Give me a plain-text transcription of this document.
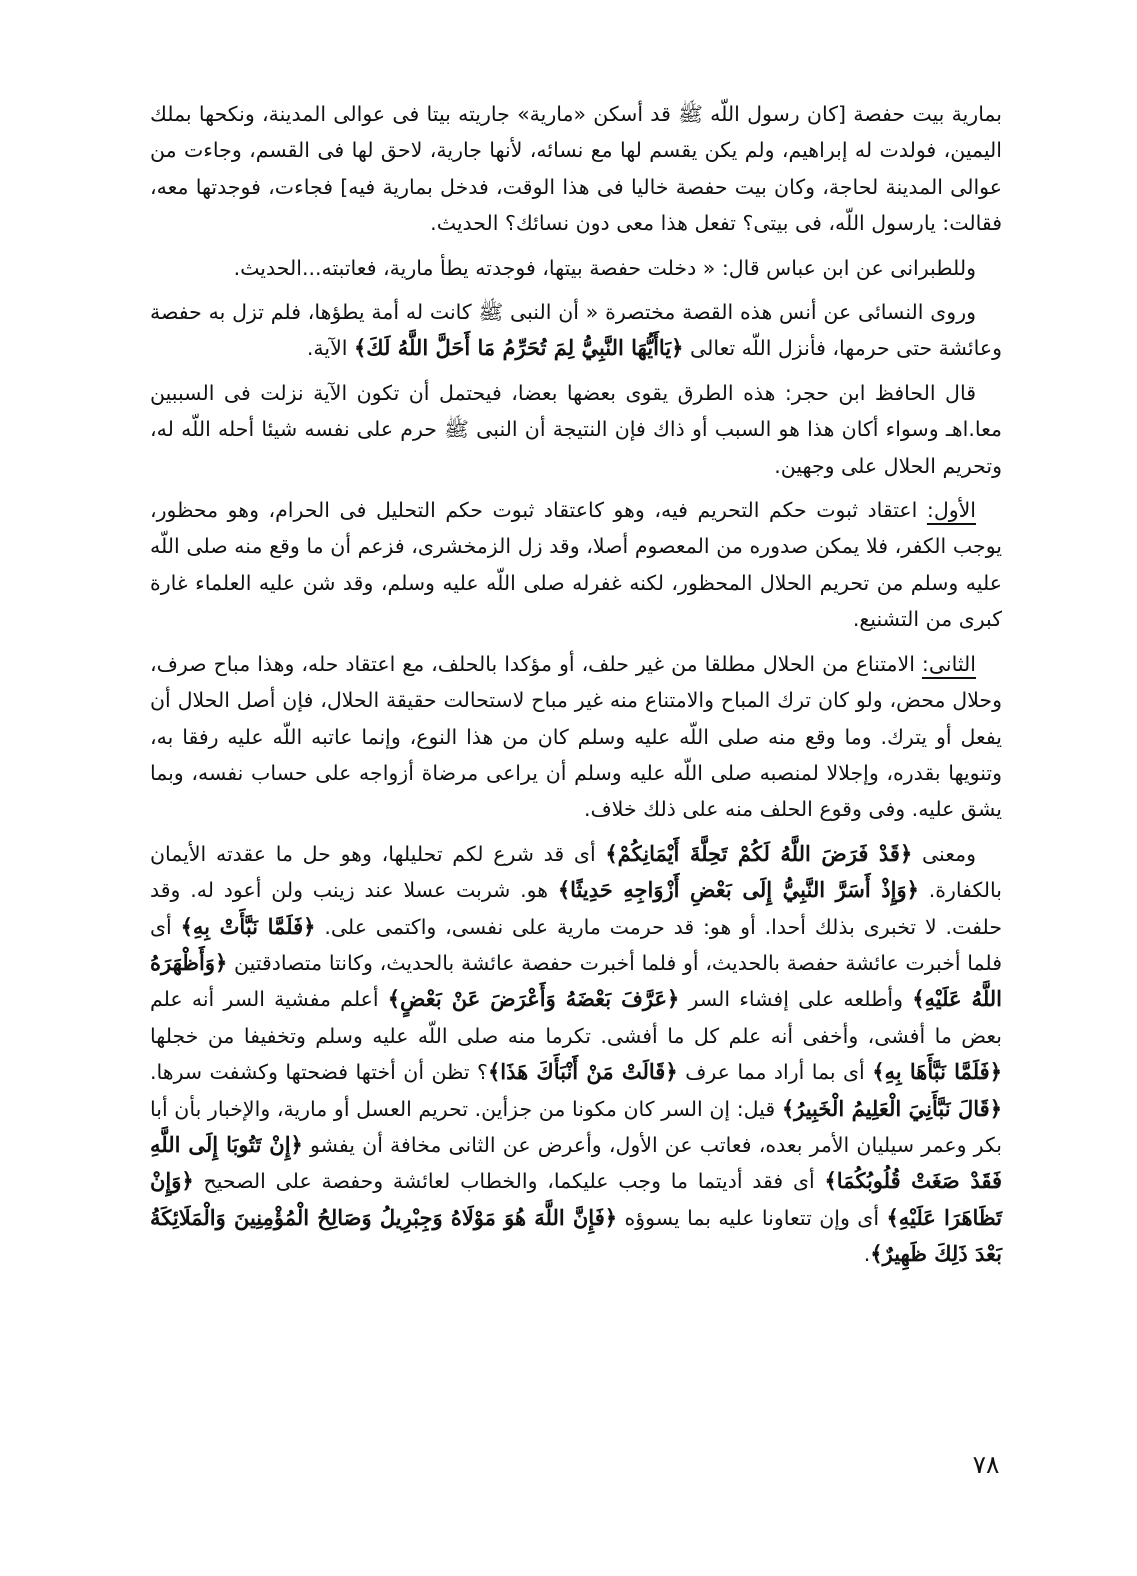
بمارية بيت حفصة [كان رسول اللّه ﷺ قد أسكن «مارية» جاريته بيتا فى عوالى المدينة، ونكحها بملك اليمين، فولدت له إبراهيم، ولم يكن يقسم لها مع نسائه، لأنها جارية، لاحق لها فى القسم، وجاءت من عوالى المدينة لحاجة، وكان بيت حفصة خاليا فى هذا الوقت، فدخل بمارية فيه] فجاءت، فوجدتها معه، فقالت: يارسول اللّه، فى بيتى؟ تفعل هذا معى دون نسائك؟ الحديث.

وللطبرانى عن ابن عباس قال: « دخلت حفصة بيتها، فوجدته يطأ مارية، فعاتبته...الحديث.

وروى النسائى عن أنس هذه القصة مختصرة « أن النبى ﷺ كانت له أمة يطؤها، فلم تزل به حفصة وعائشة حتى حرمها، فأنزل اللّه تعالى ﴿يَاأَيُّهَا النَّبِيُّ لِمَ تُحَرِّمُ مَا أَحَلَّ اللَّهُ لَكَ﴾ الآية.

قال الحافظ ابن حجر: هذه الطرق يقوى بعضها بعضا، فيحتمل أن تكون الآية نزلت فى السببين معا.اهـ وسواء أكان هذا هو السبب أو ذاك فإن النتيجة أن النبى ﷺ حرم على نفسه شيئا أحله اللّه له، وتحريم الحلال على وجهين.

الأول: اعتقاد ثبوت حكم التحريم فيه، وهو كاعتقاد ثبوت حكم التحليل فى الحرام، وهو محظور، يوجب الكفر، فلا يمكن صدوره من المعصوم أصلا، وقد زل الزمخشرى، فزعم أن ما وقع منه صلى اللّه عليه وسلم من تحريم الحلال المحظور، لكنه غفرله صلى اللّه عليه وسلم، وقد شن عليه العلماء غارة كبرى من التشنيع.

الثانى: الامتناع من الحلال مطلقا من غير حلف، أو مؤكدا بالحلف، مع اعتقاد حله، وهذا مباح صرف، وحلال محض، ولو كان ترك المباح والامتناع منه غير مباح لاستحالت حقيقة الحلال، فإن أصل الحلال أن يفعل أو يترك. وما وقع منه صلى اللّه عليه وسلم كان من هذا النوع، وإنما عاتبه اللّه عليه رفقا به، وتنويها بقدره، وإجلالا لمنصبه صلى اللّه عليه وسلم أن يراعى مرضاة أزواجه على حساب نفسه، وبما يشق عليه. وفى وقوع الحلف منه على ذلك خلاف.

ومعنى ﴿قَدْ فَرَضَ اللَّهُ لَكُمْ تَحِلَّةَ أَيْمَانِكُمْ﴾ أى قد شرع لكم تحليلها، وهو حل ما عقدته الأيمان بالكفارة. ﴿وَإِذْ أَسَرَّ النَّبِيُّ إِلَى بَعْضِ أَزْوَاجِهِ حَدِيثًا﴾ هو. شربت عسلا عند زينب ولن أعود له. وقد حلفت. لا تخبرى بذلك أحدا. أو هو: قد حرمت مارية على نفسى، واكتمى على. ﴿فَلَمَّا نَبَّأَتْ بِهِ﴾ أى فلما أخبرت عائشة حفصة بالحديث، أو فلما أخبرت حفصة عائشة بالحديث، وكانتا متصادقتين ﴿وَأَظْهَرَهُ اللَّهُ عَلَيْهِ﴾ وأطلعه على إفشاء السر ﴿عَرَّفَ بَعْضَهُ وَأَعْرَضَ عَنْ بَعْضٍ﴾ أعلم مفشية السر أنه علم بعض ما أفشى، وأخفى أنه علم كل ما أفشى. تكرما منه صلى اللّه عليه وسلم وتخفيفا من خجلها ﴿فَلَمَّا نَبَّأَهَا بِهِ﴾ أى بما أراد مما عرف ﴿قَالَتْ مَنْ أَنْبَأَكَ هَذَا﴾؟ تظن أن أختها فضحتها وكشفت سرها. ﴿قَالَ نَبَّأَنِيَ الْعَلِيمُ الْخَبِيرُ﴾ قيل: إن السر كان مكونا من جزأين. تحريم العسل أو مارية، والإخبار بأن أبا بكر وعمر سيليان الأمر بعده، فعاتب عن الأول، وأعرض عن الثانى مخافة أن يفشو ﴿إِنْ تَتُوبَا إِلَى اللَّهِ فَقَدْ صَغَتْ قُلُوبُكُمَا﴾ أى فقد أديتما ما وجب عليكما، والخطاب لعائشة وحفصة على الصحيح ﴿وَإِنْ تَظَاهَرَا عَلَيْهِ﴾ أى وإن تتعاونا عليه بما يسوؤه ﴿فَإِنَّ اللَّهَ هُوَ مَوْلَاهُ وَجِبْرِيلُ وَصَالِحُ الْمُؤْمِنِينَ وَالْمَلَائِكَةُ بَعْدَ ذَلِكَ ظَهِيرٌ﴾.

٧٨
